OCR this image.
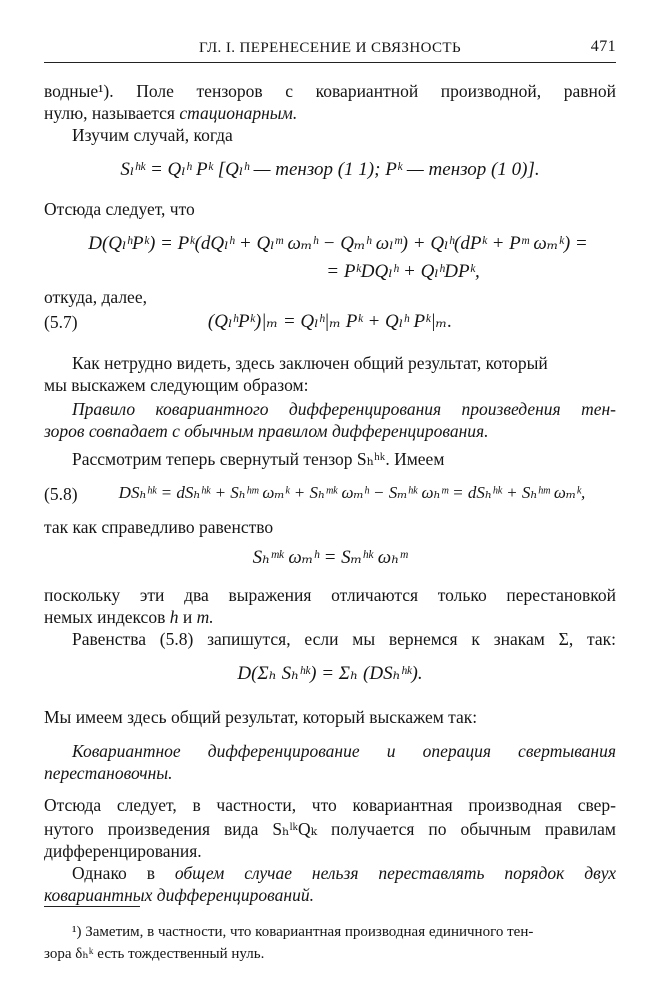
ГЛ. I. ПЕРЕНЕСЕНИЕ И СВЯЗНОСТЬ	471
водные¹). Поле тензоров с ковариантной производной, равной
нулю, называется стационарным.
Изучим случай, когда
Sₗʰᵏ = Qₗʰ Pᵏ [Qₗʰ — тензор (1 1); Pᵏ — тензор (1 0)].
Отсюда следует, что
D(QₗʰPᵏ) = Pᵏ(dQₗʰ + Qₗᵐ ωₘʰ − Qₘʰ ωₗᵐ) + Qₗʰ(dPᵏ + Pᵐ ωₘᵏ) =
= PᵏDQₗʰ + QₗʰDPᵏ,
откуда, далее,
(5.7)	(QₗʰPᵏ)|ₘ = Qₗʰ|ₘ Pᵏ + Qₗʰ Pᵏ|ₘ.
Как нетрудно видеть, здесь заключен общий результат, который
мы выскажем следующим образом:
Правило ковариантного дифференцирования произведения тен-
зоров совпадает с обычным правилом дифференцирования.
Рассмотрим теперь свернутый тензор Sₕʰᵏ. Имеем
(5.8) DSₕʰᵏ = dSₕʰᵏ + Sₕʰᵐ ωₘᵏ + Sₕᵐᵏ ωₘʰ − Sₘʰᵏ ωₕᵐ = dSₕʰᵏ + Sₕʰᵐ ωₘᵏ,
так как справедливо равенство
Sₕᵐᵏ ωₘʰ = Sₘʰᵏ ωₕᵐ
поскольку эти два выражения отличаются только перестановкой
немых индексов h и m.
Равенства (5.8) запишутся, если мы вернемся к знакам Σ, так:
D(Σₕ Sₕʰᵏ) = Σₕ (DSₕʰᵏ).
Мы имеем здесь общий результат, который выскажем так:
Ковариантное дифференцирование и операция свертывания
перестановочны.
Отсюда следует, в частности, что ковариантная производная свер-
нутого произведения вида SₕˡᵏQₖ получается по обычным правилам
дифференцирования.
Однако в общем случае нельзя переставлять порядок двух
ковариантных дифференцирований.
¹) Заметим, в частности, что ковариантная производная единичного тен-
зора δₕᵏ есть тождественный нуль.
